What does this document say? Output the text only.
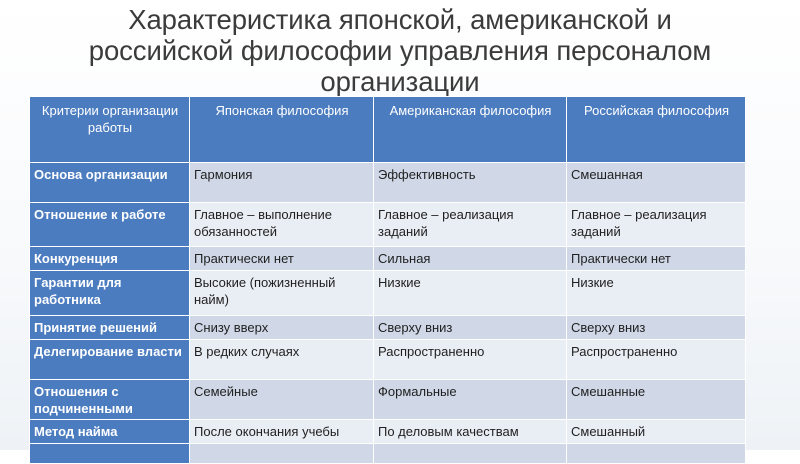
Характеристика японской, американской и
российской философии управления персоналом
организации
Критерии организации работы	Японская философия	Американская философия	Российская философия
Основа организации	Гармония	Эффективность	Смешанная
Отношение к работе	Главное – выполнение обязанностей	Главное – реализация заданий	Главное – реализация заданий
Конкуренция	Практически нет	Сильная	Практически нет
Гарантии для работника	Высокие (пожизненный найм)	Низкие	Низкие
Принятие решений	Снизу вверх	Сверху вниз	Сверху вниз
Делегирование власти	В редких случаях	Распространенно	Распространенно
Отношения с подчиненными	Семейные	Формальные	Смешанные
Метод найма	После окончания учебы	По деловым качествам	Смешанный
